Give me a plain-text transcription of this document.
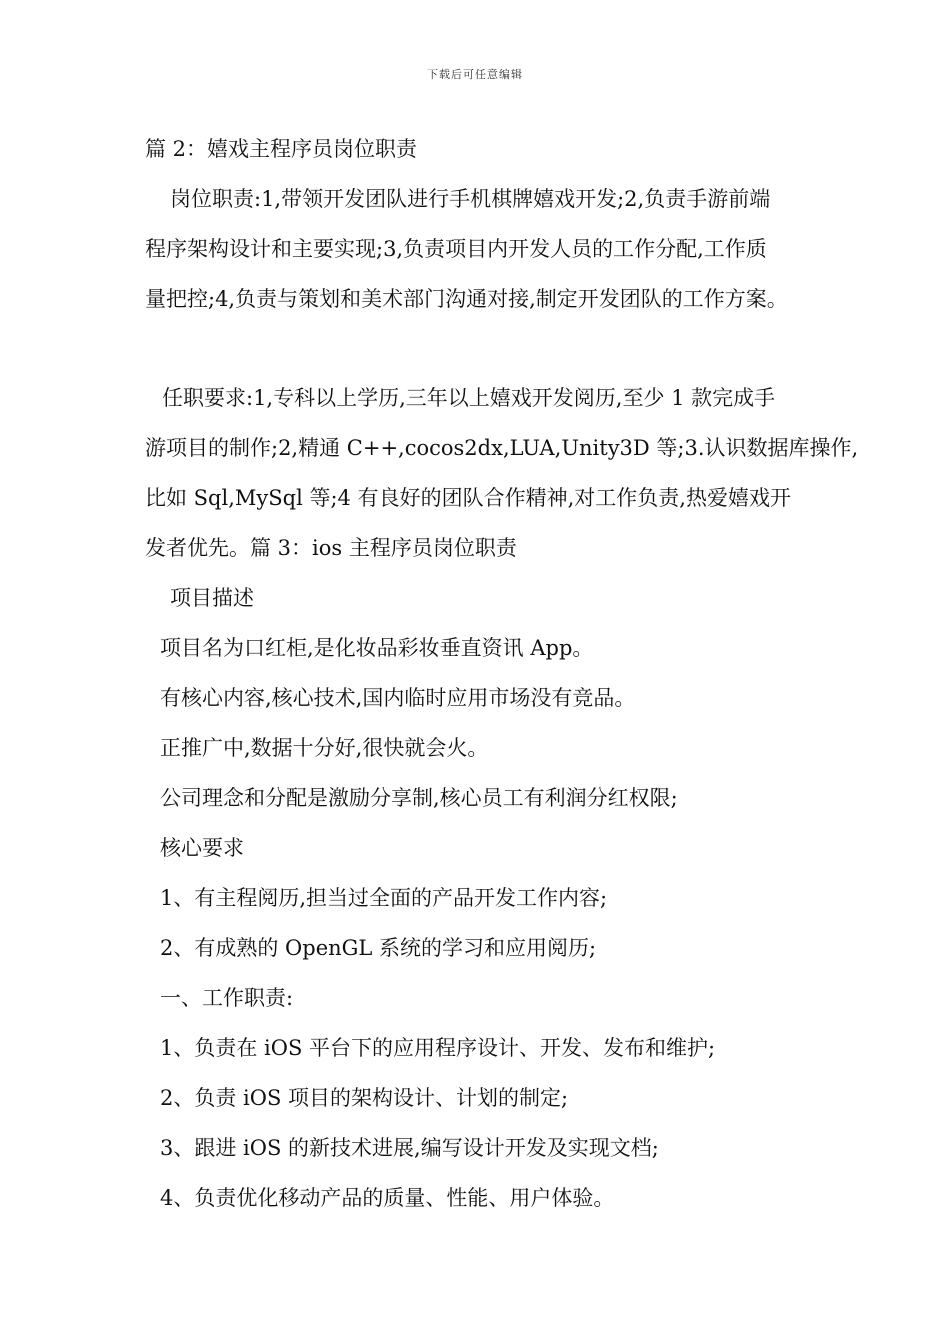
下载后可任意编辑
篇 2：嬉戏主程序员岗位职责
岗位职责:1,带领开发团队进行手机棋牌嬉戏开发;2,负责手游前端
程序架构设计和主要实现;3,负责项目内开发人员的工作分配,工作质
量把控;4,负责与策划和美术部门沟通对接,制定开发团队的工作方案。
任职要求:1,专科以上学历,三年以上嬉戏开发阅历,至少 1 款完成手
游项目的制作;2,精通 C++,cocos2dx,LUA,Unity3D 等;3.认识数据库操作,
比如 Sql,MySql 等;4 有良好的团队合作精神,对工作负责,热爱嬉戏开
发者优先。篇 3：ios 主程序员岗位职责
项目描述
项目名为口红柜,是化妆品彩妆垂直资讯 App。
有核心内容,核心技术,国内临时应用市场没有竞品。
正推广中,数据十分好,很快就会火。
公司理念和分配是激励分享制,核心员工有利润分红权限;
核心要求
1、有主程阅历,担当过全面的产品开发工作内容;
2、有成熟的 OpenGL 系统的学习和应用阅历;
一、工作职责:
1、负责在 iOS 平台下的应用程序设计、开发、发布和维护;
2、负责 iOS 项目的架构设计、计划的制定;
3、跟进 iOS 的新技术进展,编写设计开发及实现文档;
4、负责优化移动产品的质量、性能、用户体验。
